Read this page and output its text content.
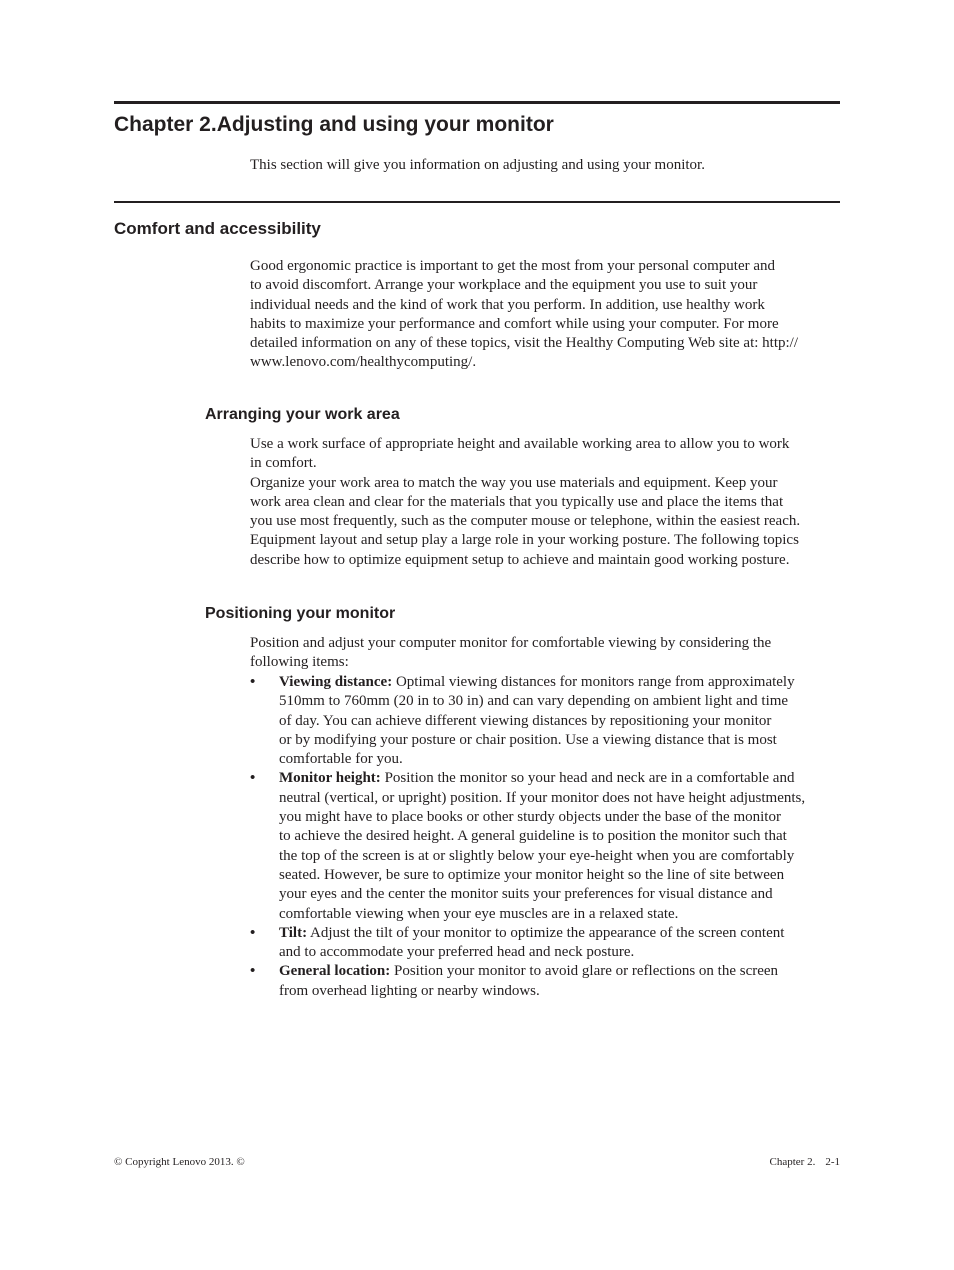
Chapter 2.Adjusting and using your monitor
This section will give you information on adjusting and using your monitor.
Comfort and accessibility
Good ergonomic practice is important to get the most from your personal computer and
to avoid discomfort. Arrange your workplace and the equipment you use to suit your
individual needs and the kind of work that you perform. In addition, use healthy work
habits to maximize your performance and comfort while using your computer. For more
detailed information on any of these topics, visit the Healthy Computing Web site at: http://
www.lenovo.com/healthycomputing/.
Arranging your work area
Use a work surface of appropriate height and available working area to allow you to work
in comfort.
Organize your work area to match the way you use materials and equipment. Keep your
work area clean and clear for the materials that you typically use and place the items that
you use most frequently, such as the computer mouse or telephone, within the easiest reach.
Equipment layout and setup play a large role in your working posture. The following topics
describe how to optimize equipment setup to achieve and maintain good working posture.
Positioning your monitor
Position and adjust your computer monitor for comfortable viewing by considering the
following items:
• Viewing distance: Optimal viewing distances for monitors range from approximately
510mm to 760mm (20 in to 30 in) and can vary depending on ambient light and time
of day. You can achieve different viewing distances by repositioning your monitor
or by modifying your posture or chair position. Use a viewing distance that is most
comfortable for you.
• Monitor height: Position the monitor so your head and neck are in a comfortable and
neutral (vertical, or upright) position. If your monitor does not have height adjustments,
you might have to place books or other sturdy objects under the base of the monitor
to achieve the desired height. A general guideline is to position the monitor such that
the top of the screen is at or slightly below your eye-height when you are comfortably
seated. However, be sure to optimize your monitor height so the line of site between
your eyes and the center the monitor suits your preferences for visual distance and
comfortable viewing when your eye muscles are in a relaxed state.
• Tilt: Adjust the tilt of your monitor to optimize the appearance of the screen content
and to accommodate your preferred head and neck posture.
• General location: Position your monitor to avoid glare or reflections on the screen
from overhead lighting or nearby windows.
© Copyright Lenovo 2013. ©	Chapter 2. 2-1
